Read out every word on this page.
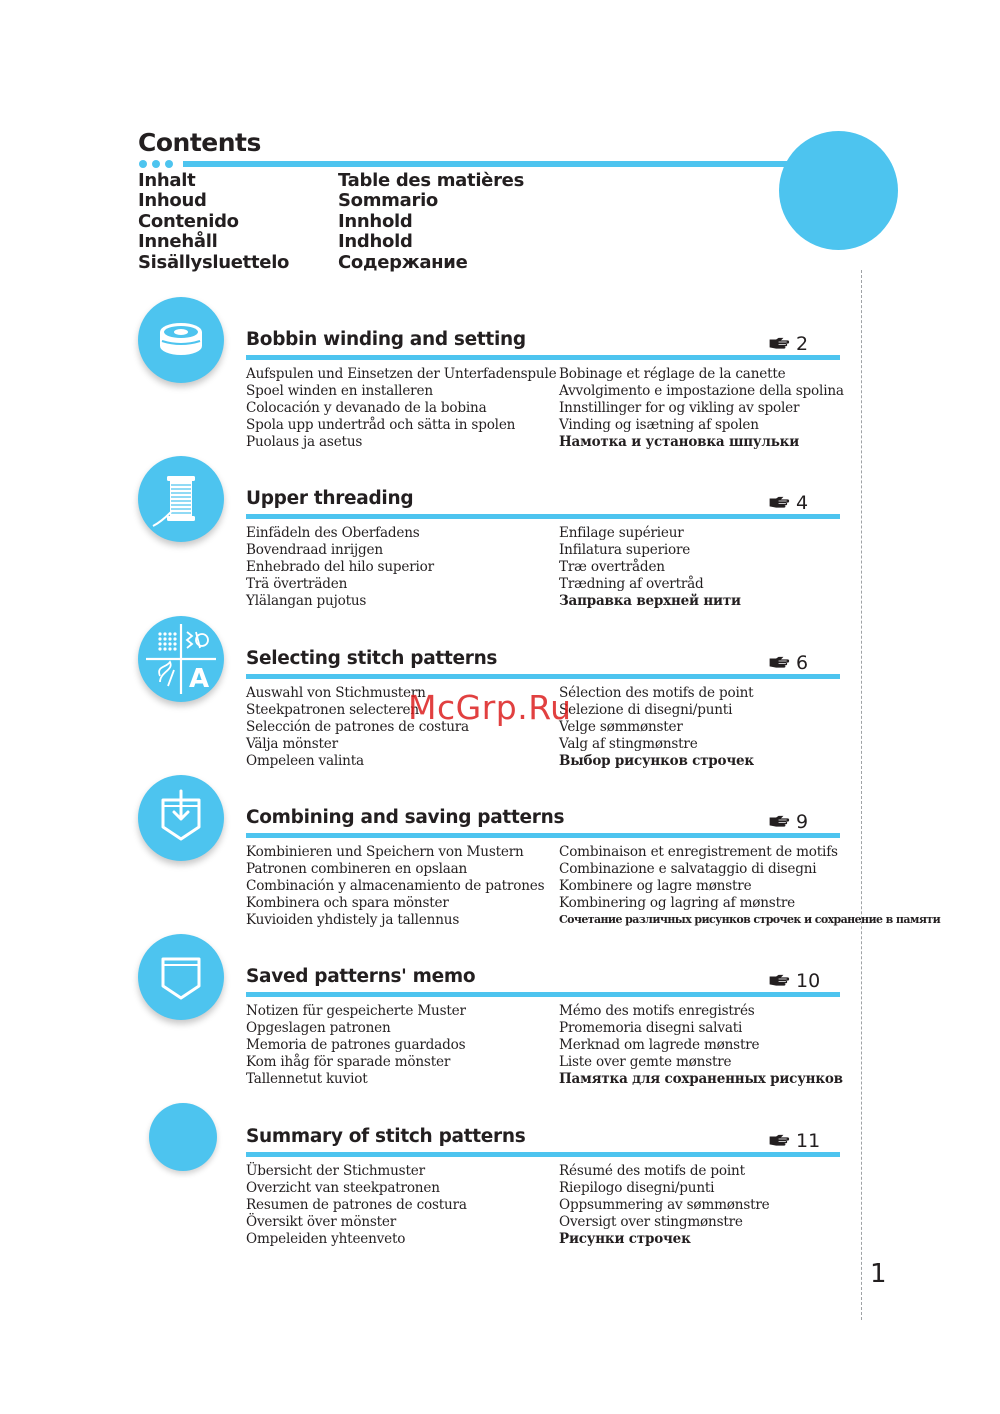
Contents
Inhalt
Inhoud
Contenido
Innehåll
Sisällysluettelo
Table des matières
Sommario
Innhold
Indhold
Содержание
Bobbin winding and setting	2
Aufspulen und Einsetzen der Unterfadenspule
Spoel winden en installeren
Colocación y devanado de la bobina
Spola upp undertråd och sätta in spolen
Puolaus ja asetus
Bobinage et réglage de la canette
Avvolgimento e impostazione della spolina
Innstillinger for og vikling av spoler
Vinding og isætning af spolen
Намотка и установка шпульки
Upper threading	4
Einfädeln des Oberfadens
Bovendraad inrijgen
Enhebrado del hilo superior
Trä överträden
Ylälangan pujotus
Enfilage supérieur
Infilatura superiore
Træ overtråden
Trædning af overtråd
Заправка верхней нити
A
Selecting stitch patterns	6
Auswahl von Stichmustern
Steekpatronen selecteren
Selección de patrones de costura
Välja mönster
Ompeleen valinta
Sélection des motifs de point
Selezione di disegni/punti
Velge sømmønster
Valg af stingmønstre
Выбор рисунков строчек
Combining and saving patterns	9
Kombinieren und Speichern von Mustern
Patronen combineren en opslaan
Combinación y almacenamiento de patrones
Kombinera och spara mönster
Kuvioiden yhdistely ja tallennus
Combinaison et enregistrement de motifs
Combinazione e salvataggio di disegni
Kombinere og lagre mønstre
Kombinering og lagring af mønstre
Сочетание различных рисунков строчек и сохранение в памяти
Saved patterns' memo	10
Notizen für gespeicherte Muster
Opgeslagen patronen
Memoria de patrones guardados
Kom ihåg för sparade mönster
Tallennetut kuviot
Mémo des motifs enregistrés
Promemoria disegni salvati
Merknad om lagrede mønstre
Liste over gemte mønstre
Памятка для сохраненных рисунков
Summary of stitch patterns	11
Übersicht der Stichmuster
Overzicht van steekpatronen
Resumen de patrones de costura
Översikt över mönster
Ompeleiden yhteenveto
Résumé des motifs de point
Riepilogo disegni/punti
Oppsummering av sømmønstre
Oversigt over stingmønstre
Рисунки строчек
McGrp.Ru
1
